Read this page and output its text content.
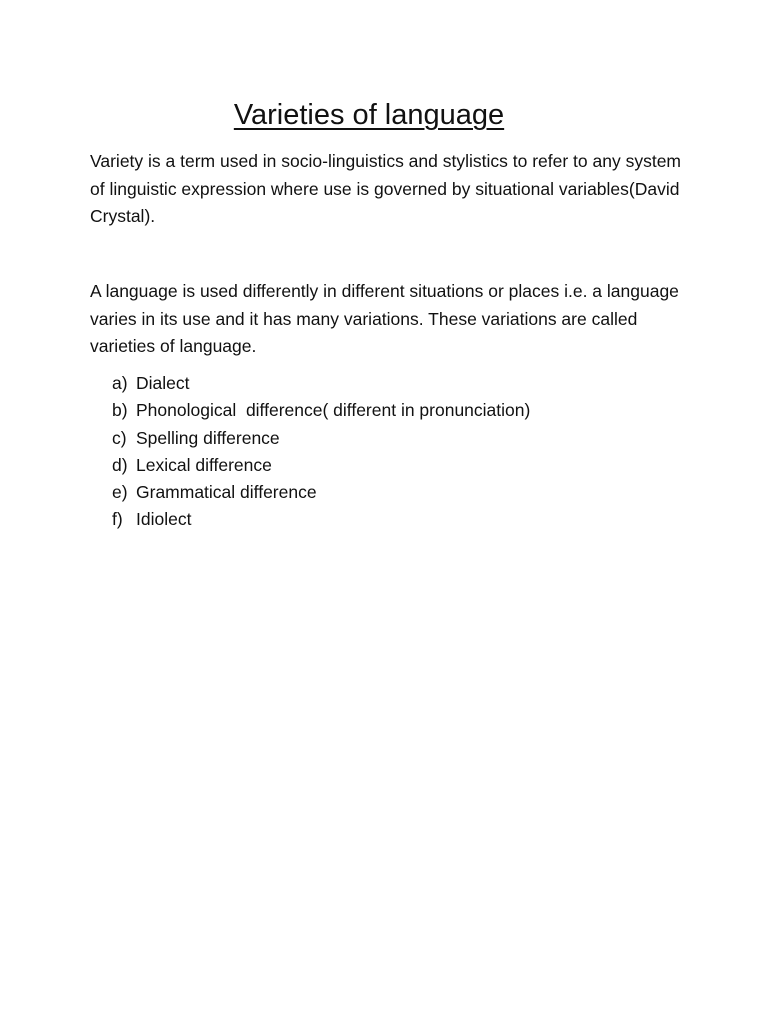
Varieties of language

Variety is a term used in socio-linguistics and stylistics to refer to any system of linguistic expression where use is governed by situational variables(David Crystal).

A language is used differently in different situations or places i.e. a language varies in its use and it has many variations. These variations are called varieties of language.

a) Dialect
b) Phonological  difference( different in pronunciation)
c) Spelling difference
d) Lexical difference
e) Grammatical difference
f) Idiolect
